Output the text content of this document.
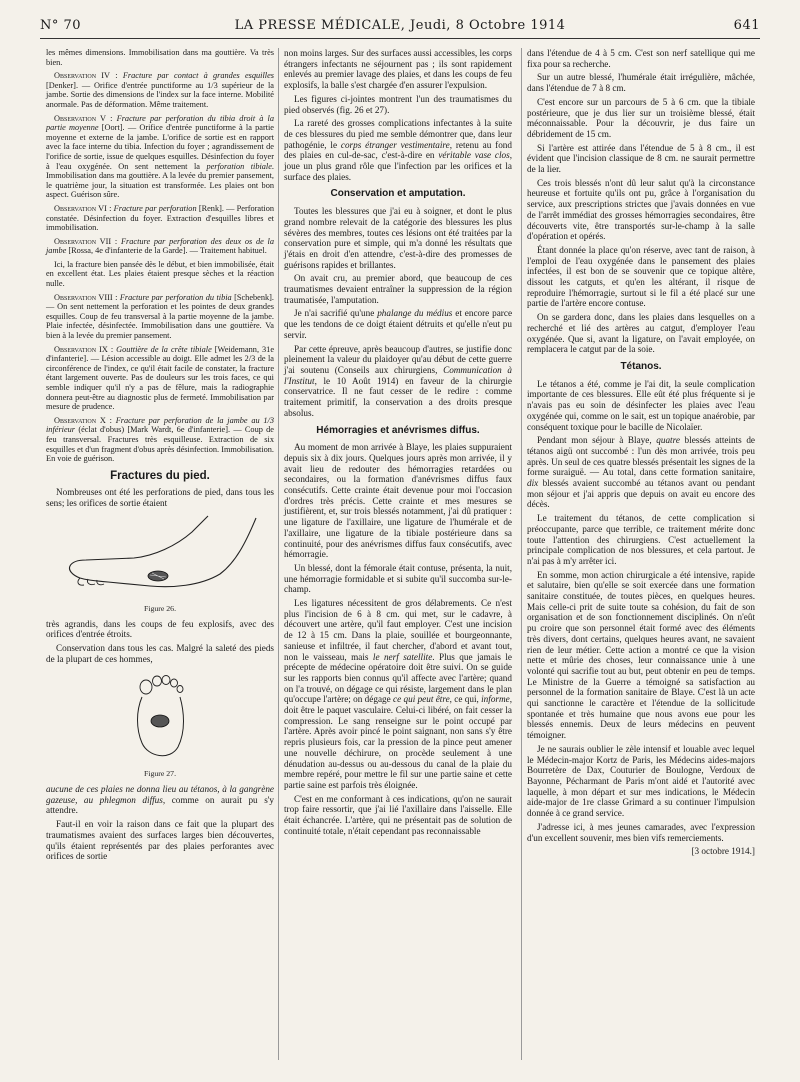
N° 70	LA PRESSE MÉDICALE, Jeudi, 8 Octobre 1914	641

les mêmes dimensions. Immobilisation dans ma gouttière. Va très bien.

Observation IV : Fracture par contact à grandes esquilles [Denker]. — Orifice d'entrée punctiforme au 1/3 supérieur de la jambe. Sortie des dimensions de l'index sur la face interne. Mobilité anormale. Pas de déformation. Même traitement.

Observation V : Fracture par perforation du tibia droit à la partie moyenne [Oort]. — Orifice d'entrée punctiforme à la partie moyenne et externe de la jambe. L'orifice de sortie est en rapport avec la face interne du tibia. Infection du foyer ; agrandissement de l'orifice de sortie, issue de quelques esquilles. Désinfection du foyer à l'eau oxygénée. On sent nettement la perforation tibiale. Immobilisation dans ma gouttière. A la levée du premier pansement, le quatrième jour, la situation est transformée. Les plaies ont bon aspect. Guérison sûre.

Observation VI : Fracture par perforation [Renk]. — Perforation constatée. Désinfection du foyer. Extraction d'esquilles libres et immobilisation.

Observation VII : Fracture par perforation des deux os de la jambe [Rossa, 4e d'infanterie de la Garde]. — Traitement habituel.

Ici, la fracture bien pansée dès le début, et bien immobilisée, était en excellent état. Les plaies étaient presque sèches et la réaction nulle.

Observation VIII : Fracture par perforation du tibia [Schebenk]. — On sent nettement la perforation et les pointes de deux grandes esquilles. Coup de feu transversal à la partie moyenne de la jambe. Plaie infectée, désinfectée. Immobilisation dans une gouttière. Va bien à la levée du premier pansement.

Observation IX : Gouttière de la crête tibiale [Weidemann, 31e d'infanterie]. — Lésion accessible au doigt. Elle admet les 2/3 de la circonférence de l'index, ce qu'il était facile de constater, la fracture étant largement ouverte. Pas de douleurs sur les trois faces, ce qui semble indiquer qu'il n'y a pas de fêlure, mais la radiographie donnera peut-être au diagnostic plus de fermeté. Immobilisation par mesure de prudence.

Observation X : Fracture par perforation de la jambe au 1/3 inférieur (éclat d'obus) [Mark Wardt, 6e d'infanterie]. — Coup de feu transversal. Fractures très esquilleuse. Extraction de six esquilles et d'un fragment d'obus après désinfection. Immobilisation. En voie de guérison.

Fractures du pied.

Nombreuses ont été les perforations de pied, dans tous les sens; les orifices de sortie étaient

Figure 26.

très agrandis, dans les coups de feu explosifs, avec des orifices d'entrée étroits.

Conservation dans tous les cas. Malgré la saleté des pieds de la plupart de ces hommes,

Figure 27.

aucune de ces plaies ne donna lieu au tétanos, à la gangrène gazeuse, au phlegmon diffus, comme on aurait pu s'y attendre.

Faut-il en voir la raison dans ce fait que la plupart des traumatismes avaient des surfaces larges bien découvertes, qu'ils étaient représentés par des plaies perforantes avec orifices de sortie

non moins larges. Sur des surfaces aussi accessibles, les corps étrangers infectants ne séjournent pas ; ils sont rapidement enlevés au premier lavage des plaies, et dans les coups de feu explosifs, la balle s'est chargée d'en assurer l'expulsion.

Les figures ci-jointes montrent l'un des traumatismes du pied observés (fig. 26 et 27).

La rareté des grosses complications infectantes à la suite de ces blessures du pied me semble démontrer que, dans leur pathogénie, le corps étranger vestimentaire, retenu au fond des plaies en cul-de-sac, c'est-à-dire en véritable vase clos, joue un plus grand rôle que l'infection par les orifices et la surface des plaies.

Conservation et amputation.

Toutes les blessures que j'ai eu à soigner, et dont le plus grand nombre relevait de la catégorie des blessures les plus sévères des membres, toutes ces lésions ont été traitées par la conservation pure et simple, qui m'a donné les résultats que j'étais en droit d'en attendre, c'est-à-dire des promesses de guérisons rapides et brillantes.

On avait cru, au premier abord, que beaucoup de ces traumatismes devaient entraîner la suppression de la région traumatisée, l'amputation.

Je n'ai sacrifié qu'une phalange du médius et encore parce que les tendons de ce doigt étaient détruits et qu'elle n'eut pu servir.

Par cette épreuve, après beaucoup d'autres, se justifie donc pleinement la valeur du plaidoyer qu'au début de cette guerre j'ai soutenu (Conseils aux chirurgiens, Communication à l'Institut, le 10 Août 1914) en faveur de la chirurgie conservatrice. Il ne faut cesser de le redire : comme traitement primitif, la conservation a des droits presque absolus.

Hémorragies et anévrismes diffus.

Au moment de mon arrivée à Blaye, les plaies suppuraient depuis six à dix jours. Quelques jours après mon arrivée, il y avait lieu de redouter des hémorragies retardées ou secondaires, ou la formation d'anévrismes diffus faux consécutifs. Cette crainte était devenue pour moi l'occasion d'ordres très précis. Cette crainte et mes mesures se justifièrent, et, sur trois blessés notamment, j'ai dû pratiquer : une ligature de l'axillaire, une ligature de l'humérale et de l'axillaire, une ligature de la tibiale postérieure dans sa continuité, pour des anévrismes diffus faux consécutifs, avec hémorragie.

Un blessé, dont la fémorale était contuse, présenta, la nuit, une hémorragie formidable et si subite qu'il succomba sur-le-champ.

Les ligatures nécessitent de gros délabrements. Ce n'est plus l'incision de 6 à 8 cm. qui met, sur le cadavre, à découvert une artère, qu'il faut employer. C'est une incision de 12 à 15 cm. Dans la plaie, souillée et bourgeonnante, sanieuse et infiltrée, il faut chercher, d'abord et avant tout, non le vaisseau, mais le nerf satellite. Plus que jamais le précepte de médecine opératoire doit être suivi. On se guide sur les rapports bien connus qu'il affecte avec l'artère; quand on l'a trouvé, on dégage ce qui résiste, largement dans le plan qu'occupe l'artère; on dégage ce qui peut être, ce qui, informe, doit être le paquet vasculaire. Celui-ci libéré, on fait cesser la compression. Le sang renseigne sur le point occupé par l'artère. Après avoir pincé le point saignant, non sans s'y être repris plusieurs fois, car la pression de la pince peut amener une nouvelle déchirure, on procède seulement à une dénudation au-dessus ou au-dessous du canal de la plaie du membre repéré, pour mettre le fil sur une partie saine et cette partie saine est parfois très éloignée.

C'est en me conformant à ces indications, qu'on ne saurait trop faire ressortir, que j'ai lié l'axillaire dans l'aisselle. Elle était échancrée. L'artère, qui ne présentait pas de solution de continuité totale, n'était cependant pas reconnaissable

dans l'étendue de 4 à 5 cm. C'est son nerf satellique qui me fixa pour sa recherche.

Sur un autre blessé, l'humérale était irrégulière, mâchée, dans l'étendue de 7 à 8 cm.

C'est encore sur un parcours de 5 à 6 cm. que la tibiale postérieure, que je dus lier sur un troisième blessé, était méconnaissable. Pour la découvrir, je dus faire un débridement de 15 cm.

Si l'artère est attirée dans l'étendue de 5 à 8 cm., il est évident que l'incision classique de 8 cm. ne saurait permettre de la lier.

Ces trois blessés n'ont dû leur salut qu'à la circonstance heureuse et fortuite qu'ils ont pu, grâce à l'organisation du service, aux prescriptions strictes que j'avais données en vue de l'arrêt immédiat des grosses hémorragies secondaires, être découverts vite, être transportés sur-le-champ à la salle d'opération et opérés.

Étant donnée la place qu'on réserve, avec tant de raison, à l'emploi de l'eau oxygénée dans le pansement des plaies infectées, il est bon de se souvenir que ce topique altère, dissout les catguts, et qu'en les altérant, il risque de reproduire l'hémorragie, surtout si le fil a été placé sur une partie de l'artère encore contuse.

On se gardera donc, dans les plaies dans lesquelles on a recherché et lié des artères au catgut, d'employer l'eau oxygénée. Que si, avant la ligature, on l'avait employée, on remplacera le catgut par de la soie.

Tétanos.

Le tétanos a été, comme je l'ai dit, la seule complication importante de ces blessures. Elle eût été plus fréquente si je n'avais pas eu soin de désinfecter les plaies avec l'eau oxygénée qui, comme on le sait, est un topique anaérobie, par conséquent toxique pour le bacille de Nicolaïer.

Pendant mon séjour à Blaye, quatre blessés atteints de tétanos aigü ont succombé : l'un dès mon arrivée, trois peu après. Un seul de ces quatre blessés présentait les signes de la forme suraiguë. — Au total, dans cette formation sanitaire, dix blessés avaient succombé au tétanos avant ou pendant mon séjour et j'ai appris que depuis on avait eu encore des décès.

Le traitement du tétanos, de cette complication si préoccupante, parce que terrible, ce traitement mérite donc toute l'attention des chirurgiens. C'est actuellement la principale complication de nos blessures, et cela partout. Je n'ai pas à m'y arrêter ici.

En somme, mon action chirurgicale a été intensive, rapide et salutaire, bien qu'elle se soit exercée dans une formation sanitaire constituée, de toutes pièces, en quelques heures. Mais celle-ci prit de suite toute sa cohésion, du fait de son organisation et de son fonctionnement disciplinés. On n'eût pu croire que son personnel était formé avec des éléments très divers, dont certains, quelques heures avant, ne savaient rien de leur métier. Cette action a montré ce que la vision nette et mûrie des choses, leur connaissance unie à une volonté qui sacrifie tout au but, peut obtenir en peu de temps. Le Ministre de la Guerre a témoigné sa satisfaction au personnel de la formation sanitaire de Blaye. C'est là un acte qui sanctionne le caractère et l'étendue de la sollicitude spontanée et très humaine que nous avons eue pour les blessés ennemis. Deux de leurs médecins en peuvent témoigner.

Je ne saurais oublier le zèle intensif et louable avec lequel le Médecin-major Kortz de Paris, les Médecins aides-majors Bourretère de Dax, Couturier de Boulogne, Verdoux de Bayonne, Pécharmant de Paris m'ont aidé et l'autorité avec laquelle, à mon départ et sur mes indications, le Médecin aide-major de 1re classe Grimard a su continuer l'impulsion donnée à ce grand service.

J'adresse ici, à mes jeunes camarades, avec l'expression d'un excellent souvenir, mes bien vifs remerciements.

[3 octobre 1914.]
